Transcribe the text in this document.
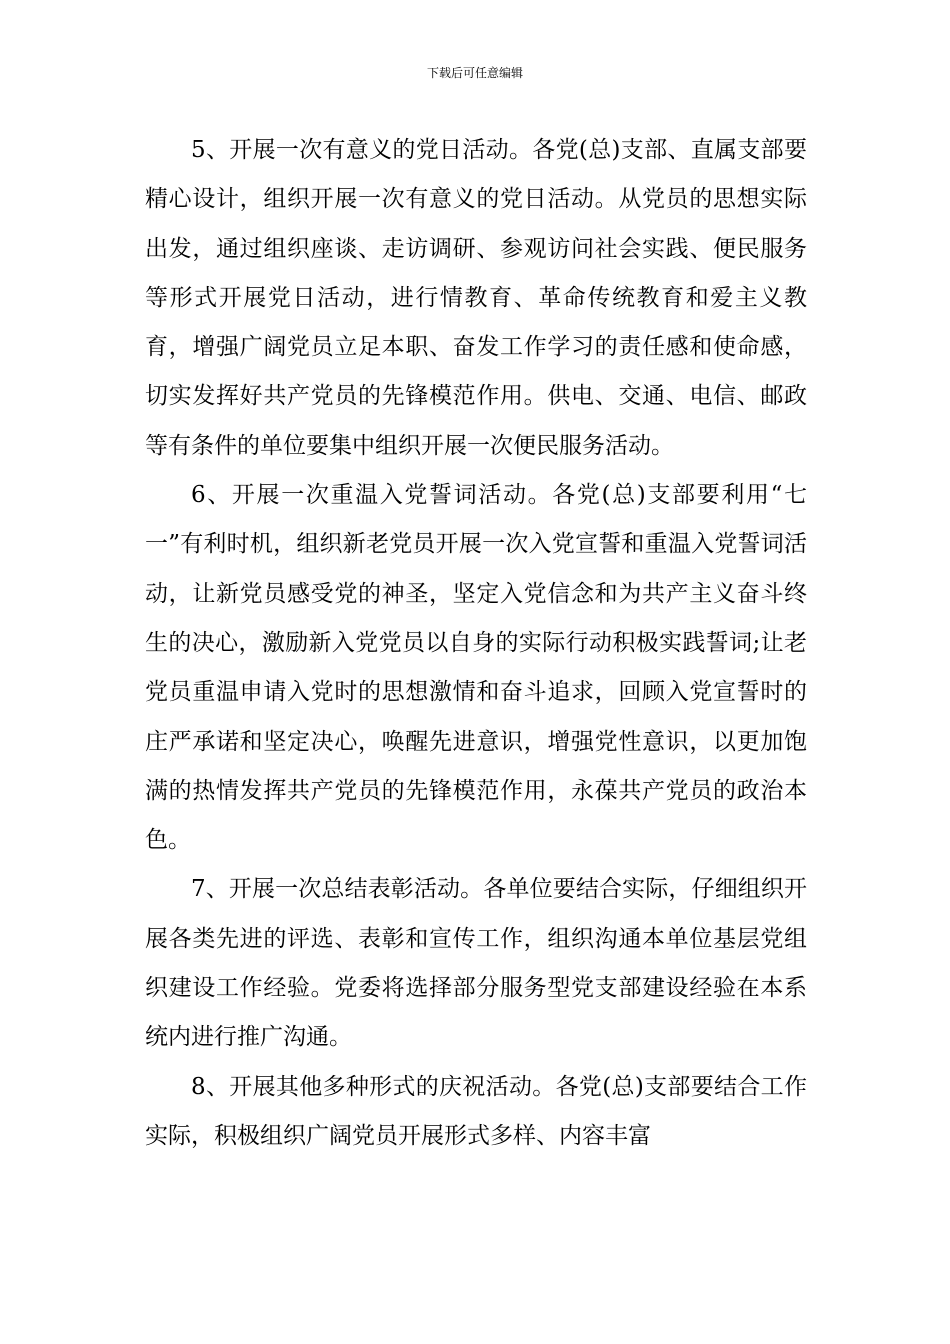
下载后可任意编辑

5、开展一次有意义的党日活动。各党(总)支部、直属支部要精心设计，组织开展一次有意义的党日活动。从党员的思想实际出发，通过组织座谈、走访调研、参观访问社会实践、便民服务等形式开展党日活动，进行情教育、革命传统教育和爱主义教育，增强广阔党员立足本职、奋发工作学习的责任感和使命感，切实发挥好共产党员的先锋模范作用。供电、交通、电信、邮政等有条件的单位要集中组织开展一次便民服务活动。

6、开展一次重温入党誓词活动。各党(总)支部要利用“七一”有利时机，组织新老党员开展一次入党宣誓和重温入党誓词活动，让新党员感受党的神圣，坚定入党信念和为共产主义奋斗终生的决心，激励新入党党员以自身的实际行动积极实践誓词;让老党员重温申请入党时的思想激情和奋斗追求，回顾入党宣誓时的庄严承诺和坚定决心，唤醒先进意识，增强党性意识，以更加饱满的热情发挥共产党员的先锋模范作用，永葆共产党员的政治本色。

7、开展一次总结表彰活动。各单位要结合实际，仔细组织开展各类先进的评选、表彰和宣传工作，组织沟通本单位基层党组织建设工作经验。党委将选择部分服务型党支部建设经验在本系统内进行推广沟通。

8、开展其他多种形式的庆祝活动。各党(总)支部要结合工作实际，积极组织广阔党员开展形式多样、内容丰富
